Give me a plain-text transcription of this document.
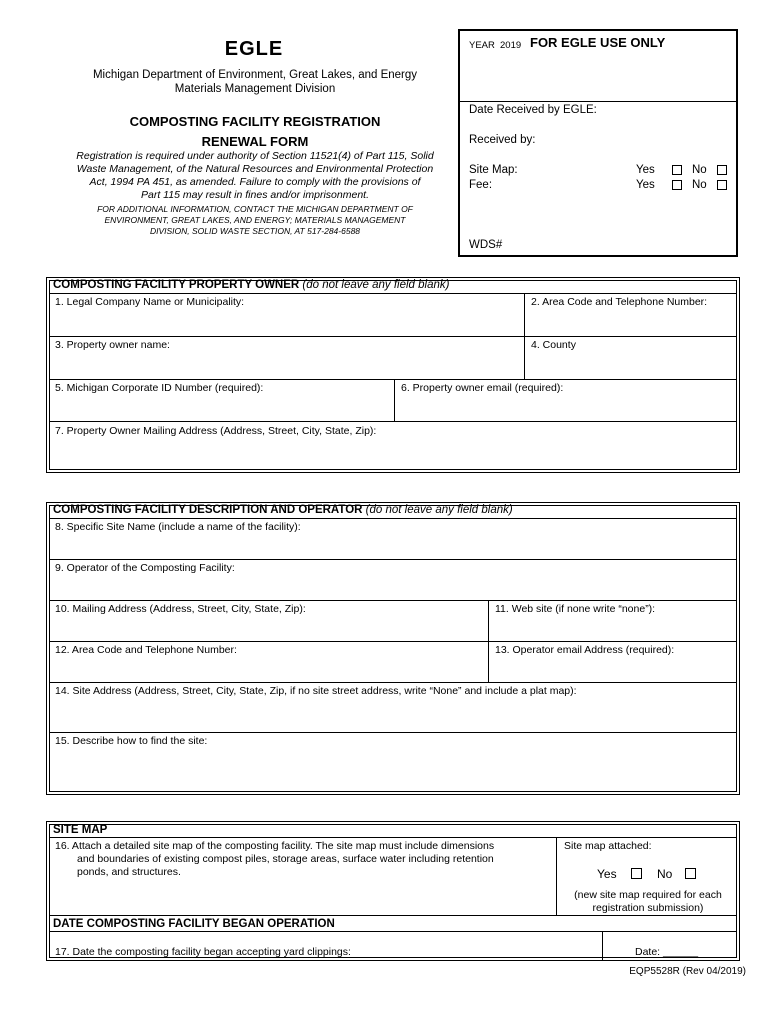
EGLE
Michigan Department of Environment, Great Lakes, and Energy
Materials Management Division
COMPOSTING FACILITY REGISTRATION
RENEWAL FORM
Registration is required under authority of Section 11521(4) of Part 115, Solid
Waste Management, of the Natural Resources and Environmental Protection
Act, 1994 PA 451, as amended. Failure to comply with the provisions of
Part 115 may result in fines and/or imprisonment.
FOR ADDITIONAL INFORMATION, CONTACT THE MICHIGAN DEPARTMENT OF
ENVIRONMENT, GREAT LAKES, AND ENERGY; MATERIALS MANAGEMENT
DIVISION, SOLID WASTE SECTION, AT 517-284-6588
YEAR 2019 FOR EGLE USE ONLY
Date Received by EGLE:
Received by:
Site Map:	Yes	No
Fee:	Yes	No
WDS#
COMPOSTING FACILITY PROPERTY OWNER (do not leave any field blank)
1. Legal Company Name or Municipality:	2. Area Code and Telephone Number:
3. Property owner name:	4. County
5. Michigan Corporate ID Number (required):	6. Property owner email (required):
7. Property Owner Mailing Address (Address, Street, City, State, Zip):
COMPOSTING FACILITY DESCRIPTION AND OPERATOR (do not leave any field blank)
8. Specific Site Name (include a name of the facility):
9. Operator of the Composting Facility:
10. Mailing Address (Address, Street, City, State, Zip):	11. Web site (if none write “none”):
12. Area Code and Telephone Number:	13. Operator email Address (required):
14. Site Address (Address, Street, City, State, Zip, if no site street address, write “None” and include a plat map):
15. Describe how to find the site:
SITE MAP
16. Attach a detailed site map of the composting facility. The site map must include dimensions
and boundaries of existing compost piles, storage areas, surface water including retention
ponds, and structures.
Site map attached:
Yes	No
(new site map required for each
registration submission)
DATE COMPOSTING FACILITY BEGAN OPERATION
17. Date the composting facility began accepting yard clippings:	Date: ______
EQP5528R (Rev 04/2019)
